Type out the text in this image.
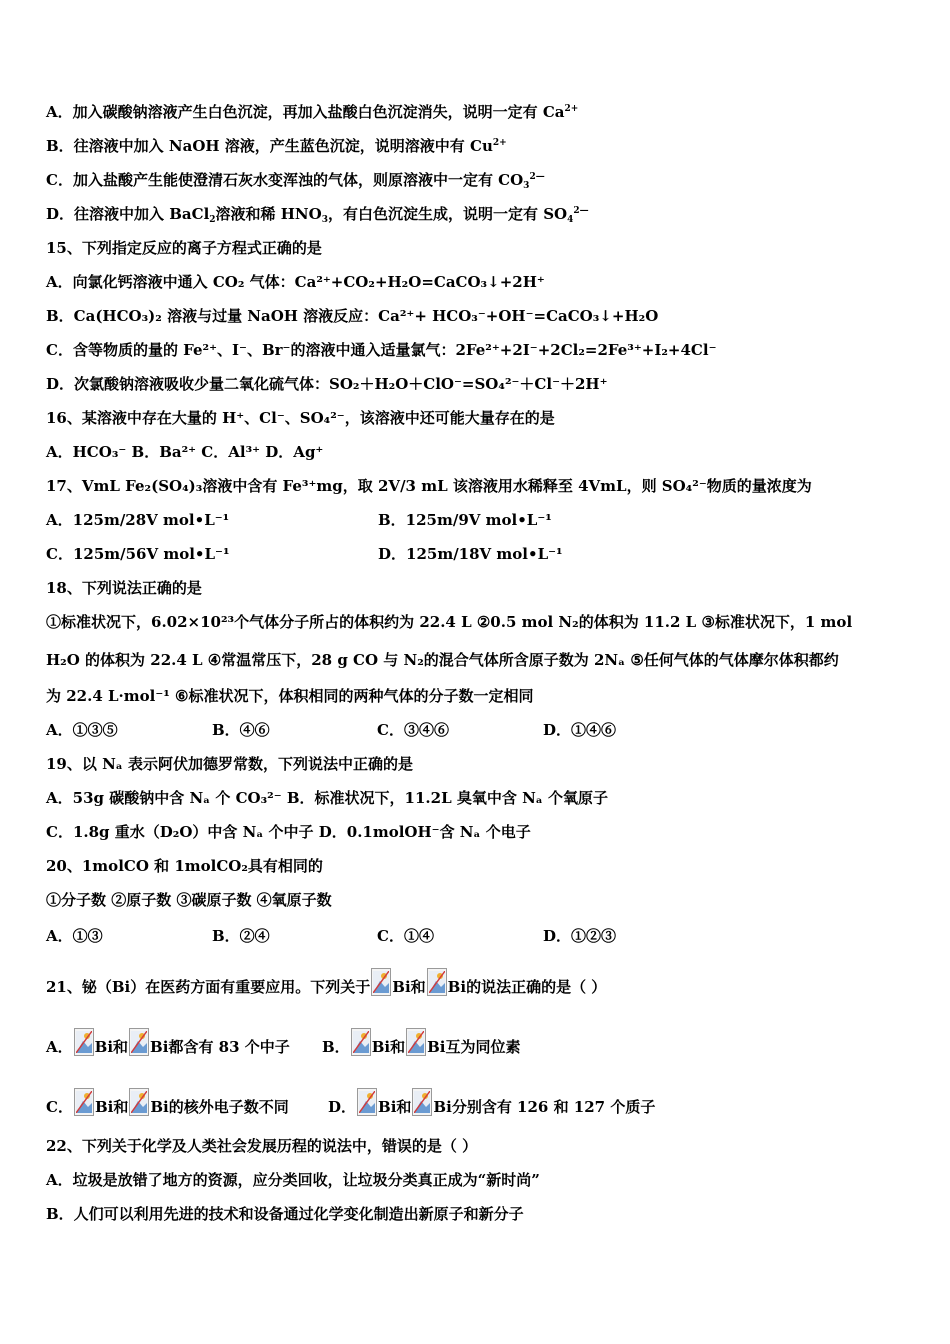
A．加入碳酸钠溶液产生白色沉淀，再加入盐酸白色沉淀消失，说明一定有 $Ca^{2+}$
B．往溶液中加入 NaOH 溶液，产生蓝色沉淀，说明溶液中有 $Cu^{2+}$
C．加入盐酸产生能使澄清石灰水变浑浊的气体，则原溶液中一定有 $CO_3^{2—}$
D．往溶液中加入 BaCl$_2$溶液和稀 $HNO_3$，有白色沉淀生成，说明一定有 $SO_4^{2—}$
15、下列指定反应的离子方程式正确的是
A．向氯化钙溶液中通入 CO₂ 气体：Ca²⁺+CO₂+H₂O=CaCO₃↓+2H⁺
B．Ca(HCO₃)₂ 溶液与过量 NaOH 溶液反应：Ca²⁺+ HCO₃⁻+OH⁻=CaCO₃↓+H₂O
C．含等物质的量的 Fe²⁺、I⁻、Br⁻的溶液中通入适量氯气：2Fe²⁺+2I⁻+2Cl₂=2Fe³⁺+I₂+4Cl⁻
D．次氯酸钠溶液吸收少量二氧化硫气体：SO₂＋H₂O＋ClO⁻=SO₄²⁻＋Cl⁻＋2H⁺
16、某溶液中存在大量的 H⁺、Cl⁻、SO₄²⁻，该溶液中还可能大量存在的是
A．HCO₃⁻ B．Ba²⁺ C．Al³⁺ D．Ag⁺
17、VmL Fe₂(SO₄)₃溶液中含有 Fe³⁺mg，取 2V/3 mL 该溶液用水稀释至 4VmL，则 SO₄²⁻物质的量浓度为
A．125m/28V mol•L⁻¹	B．125m/9V mol•L⁻¹
C．125m/56V mol•L⁻¹	D．125m/18V mol•L⁻¹
18、下列说法正确的是
①标准状况下，6.02×10²³个气体分子所占的体积约为 22.4 L ②0.5 mol N₂的体积为 11.2 L ③标准状况下，1 mol
H₂O 的体积为 22.4 L ④常温常压下，28 g CO 与 N₂的混合气体所含原子数为 2Nₐ ⑤任何气体的气体摩尔体积都约
为 22.4 L·mol⁻¹ ⑥标准状况下，体积相同的两种气体的分子数一定相同
A．①③⑤	B．④⑥	C．③④⑥	D．①④⑥
19、以 Nₐ 表示阿伏加德罗常数，下列说法中正确的是
A．53g 碳酸钠中含 Nₐ 个 CO₃²⁻ B．标准状况下，11.2L 臭氧中含 Nₐ 个氧原子
C．1.8g 重水（D₂O）中含 Nₐ 个中子 D．0.1molOH⁻含 Nₐ 个电子
20、1molCO 和 1molCO₂具有相同的
①分子数 ②原子数 ③碳原子数 ④氧原子数
A．①③	B．②④	C．①④	D．①②③
21、铋（Bi）在医药方面有重要应用。下列关于 Bi和 Bi的说法正确的是（ ）
A． Bi和 Bi都含有 83 个中子 B． Bi和 Bi互为同位素
C． Bi和 Bi的核外电子数不同	D． Bi和 Bi分别含有 126 和 127 个质子
22、下列关于化学及人类社会发展历程的说法中，错误的是（ ）
A．垃圾是放错了地方的资源，应分类回收，让垃圾分类真正成为“新时尚”
B．人们可以利用先进的技术和设备通过化学变化制造出新原子和新分子
